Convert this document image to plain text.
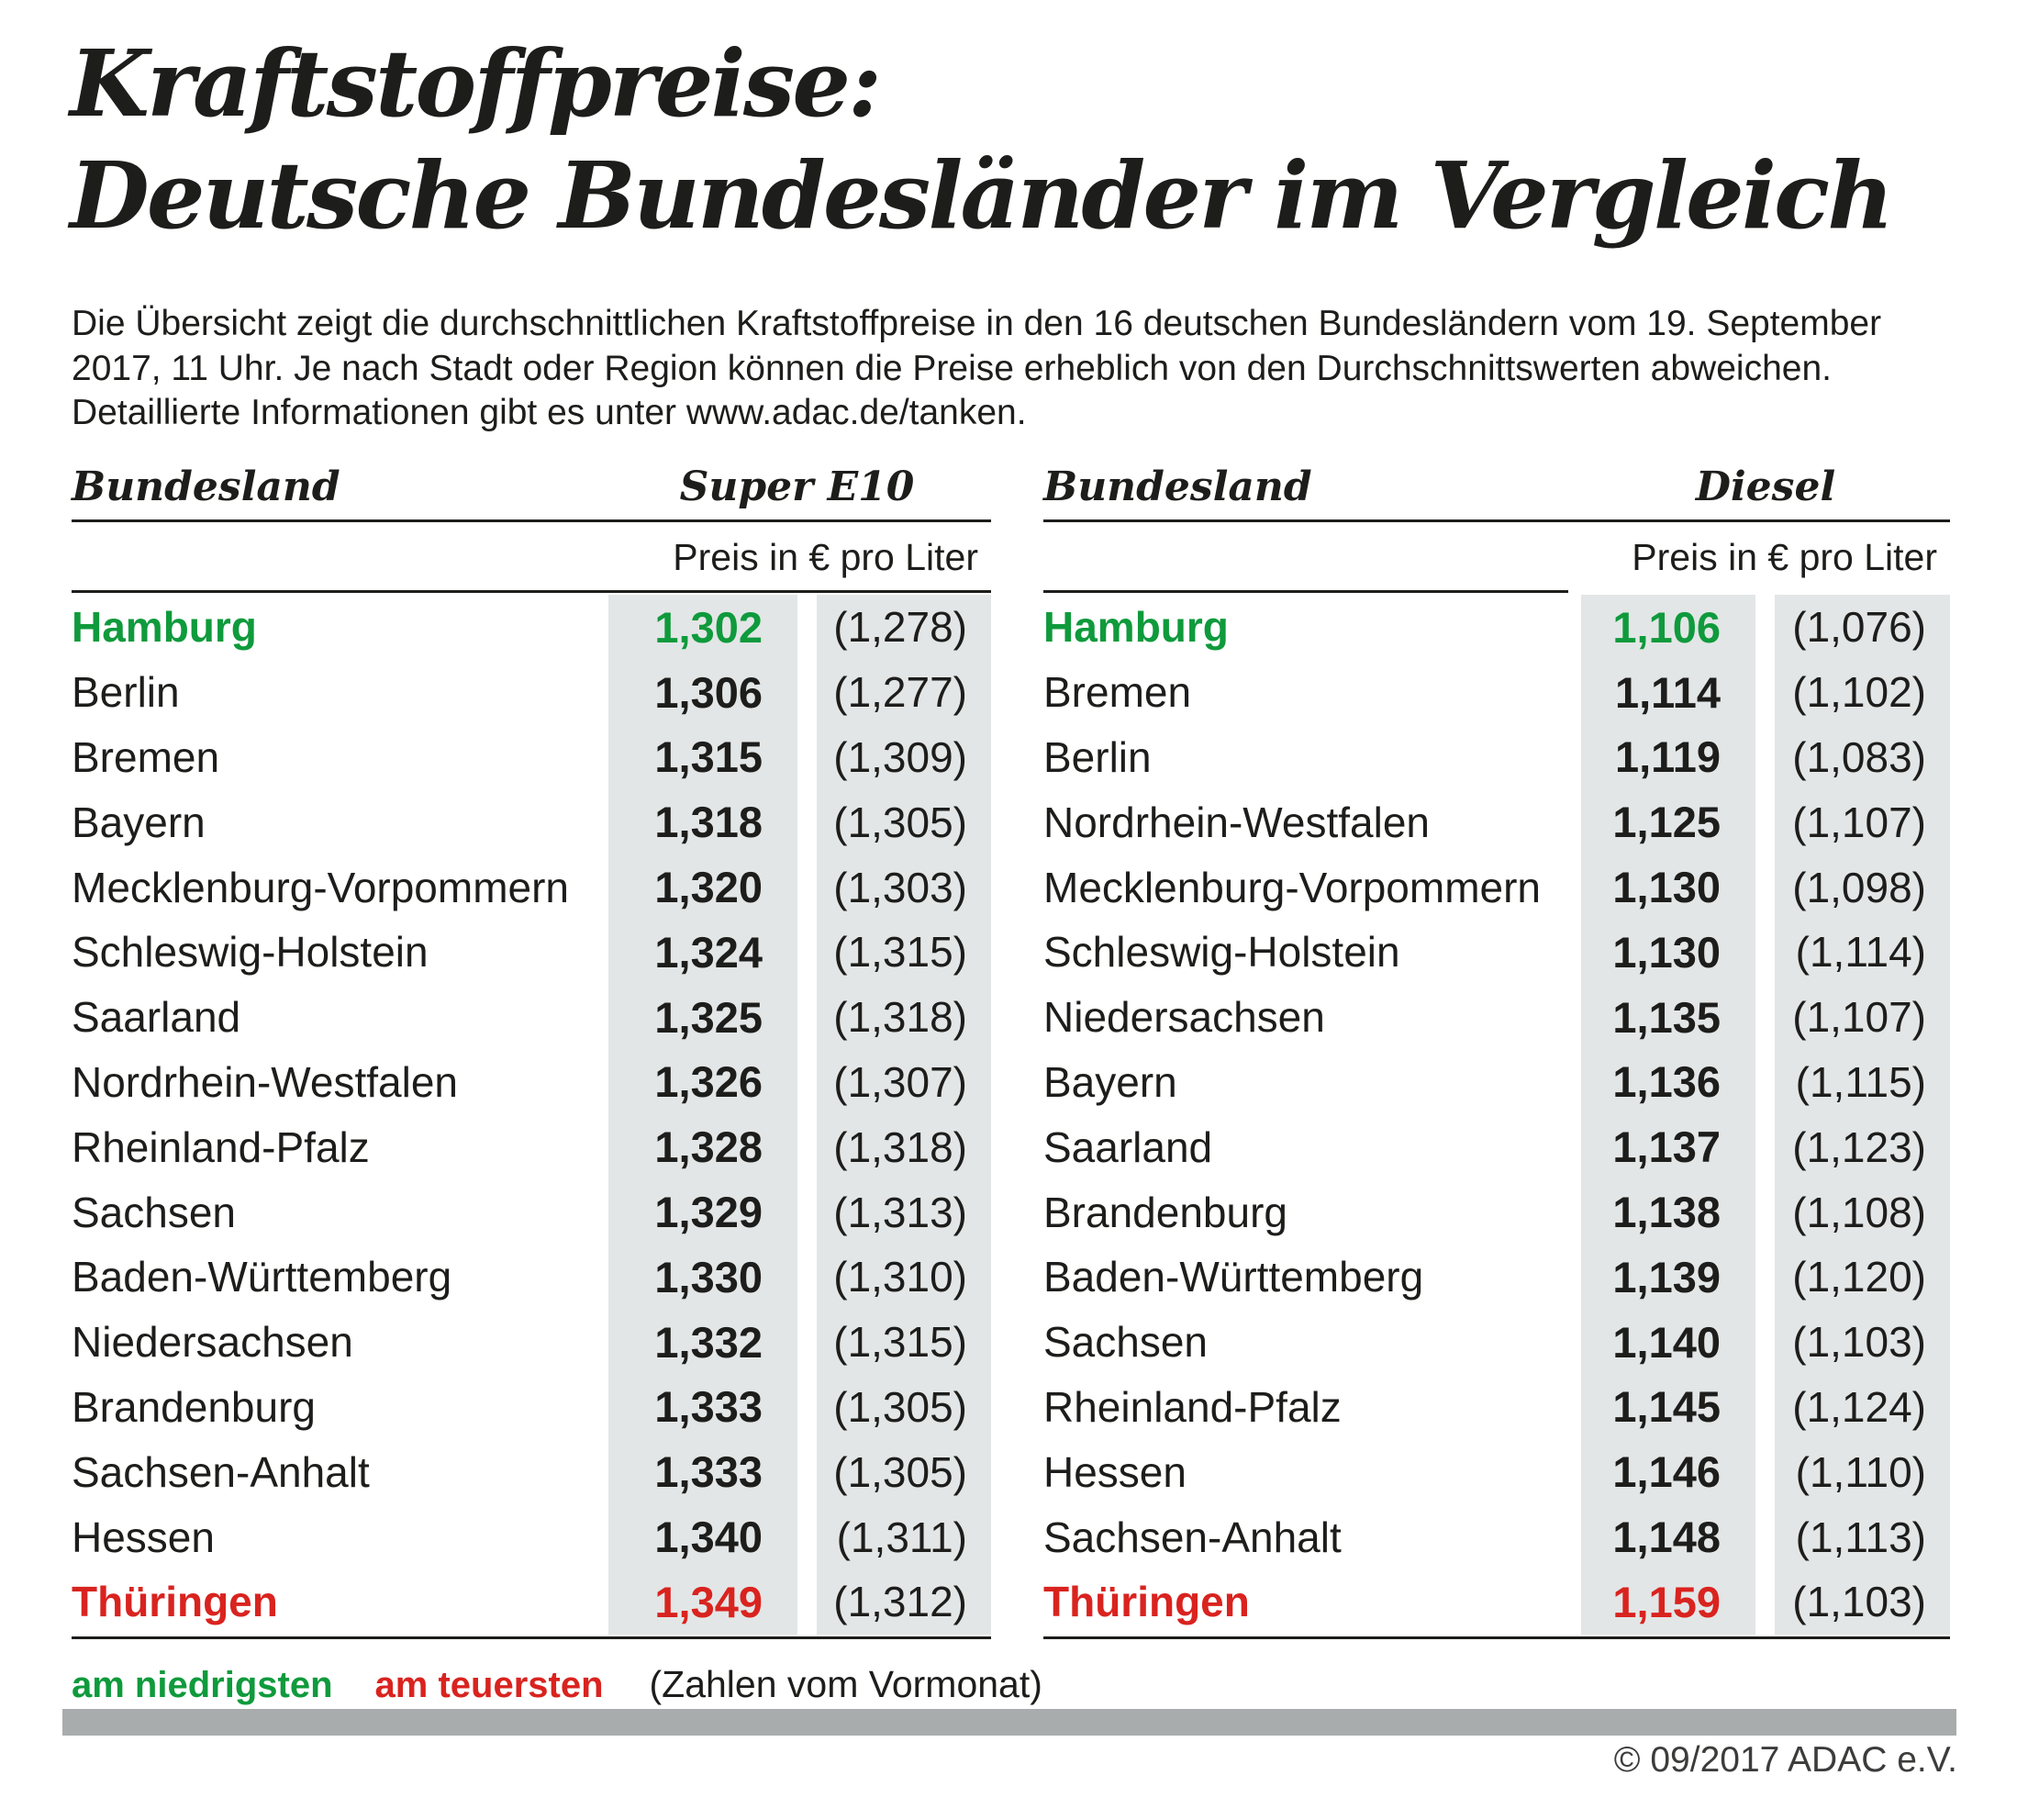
Kraftstoffpreise:
Deutsche Bundesländer im Vergleich

Die Übersicht zeigt die durchschnittlichen Kraftstoffpreise in den 16 deutschen Bundesländern vom 19. September 2017, 11 Uhr. Je nach Stadt oder Region können die Preise erheblich von den Durchschnittswerten abweichen. Detaillierte Informationen gibt es unter www.adac.de/tanken.

Bundesland	Super E10
Preis in € pro Liter
Hamburg	1,302	(1,278)
Berlin	1,306	(1,277)
Bremen	1,315	(1,309)
Bayern	1,318	(1,305)
Mecklenburg-Vorpommern	1,320	(1,303)
Schleswig-Holstein	1,324	(1,315)
Saarland	1,325	(1,318)
Nordrhein-Westfalen	1,326	(1,307)
Rheinland-Pfalz	1,328	(1,318)
Sachsen	1,329	(1,313)
Baden-Württemberg	1,330	(1,310)
Niedersachsen	1,332	(1,315)
Brandenburg	1,333	(1,305)
Sachsen-Anhalt	1,333	(1,305)
Hessen	1,340	(1,311)
Thüringen	1,349	(1,312)
Bundesland	Diesel
Preis in € pro Liter
Hamburg	1,106	(1,076)
Bremen	1,114	(1,102)
Berlin	1,119	(1,083)
Nordrhein-Westfalen	1,125	(1,107)
Mecklenburg-Vorpommern	1,130	(1,098)
Schleswig-Holstein	1,130	(1,114)
Niedersachsen	1,135	(1,107)
Bayern	1,136	(1,115)
Saarland	1,137	(1,123)
Brandenburg	1,138	(1,108)
Baden-Württemberg	1,139	(1,120)
Sachsen	1,140	(1,103)
Rheinland-Pfalz	1,145	(1,124)
Hessen	1,146	(1,110)
Sachsen-Anhalt	1,148	(1,113)
Thüringen	1,159	(1,103)
am niedrigsten am teuersten (Zahlen vom Vormonat)
© 09/2017 ADAC e.V.
